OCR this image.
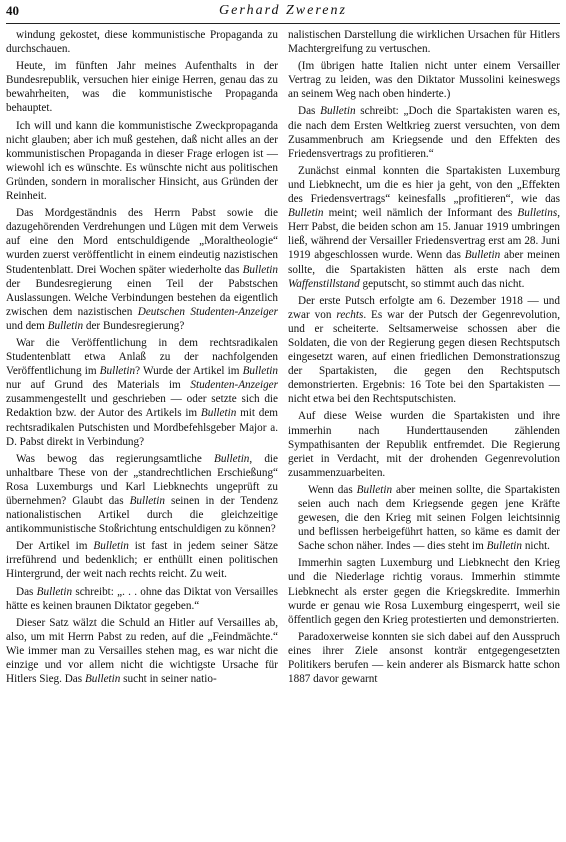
40	Gerhard Zwerenz

windung gekostet, diese kommunistische Propaganda zu durchschauen.

Heute, im fünften Jahr meines Aufenthalts in der Bundesrepublik, versuchen hier einige Herren, genau das zu bewahrheiten, was die kommunistische Propaganda behauptet.

Ich will und kann die kommunistische Zweckpropaganda nicht glauben; aber ich muß gestehen, daß nicht alles an der kommunistischen Propaganda in dieser Frage erlogen ist — wiewohl ich es wünschte. Es wünschte nicht aus politischen Gründen, sondern in moralischer Hinsicht, aus Gründen der Reinheit.

Das Mordgeständnis des Herrn Pabst sowie die dazugehörenden Verdrehungen und Lügen mit dem Verweis auf eine den Mord entschuldigende „Moraltheologie“ wurden zuerst veröffentlicht in einem eindeutig nazistischen Studentenblatt. Drei Wochen später wiederholte das Bulletin der Bundesregierung einen Teil der Pabstschen Auslassungen. Welche Verbindungen bestehen da eigentlich zwischen dem nazistischen Deutschen Studenten-Anzeiger und dem Bulletin der Bundesregierung?

War die Veröffentlichung in dem rechtsradikalen Studentenblatt etwa Anlaß zu der nachfolgenden Veröffentlichung im Bulletin? Wurde der Artikel im Bulletin nur auf Grund des Materials im Studenten-Anzeiger zusammengestellt und geschrieben — oder setzte sich die Redaktion bzw. der Autor des Artikels im Bulletin mit dem rechtsradikalen Putschisten und Mordbefehlsgeber Major a. D. Pabst direkt in Verbindung?

Was bewog das regierungsamtliche Bulletin, die unhaltbare These von der „standrechtlichen Erschießung“ Rosa Luxemburgs und Karl Liebknechts ungeprüft zu übernehmen? Glaubt das Bulletin seinen in der Tendenz nationalistischen Artikel durch die gleichzeitige antikommunistische Stoßrichtung entschuldigen zu können?

Der Artikel im Bulletin ist fast in jedem seiner Sätze irreführend und bedenklich; er enthüllt einen politischen Hintergrund, der weit nach rechts reicht. Zu weit.

Das Bulletin schreibt: „. . . ohne das Diktat von Versailles hätte es keinen braunen Diktator gegeben.“

Dieser Satz wälzt die Schuld an Hitler auf Versailles ab, also, um mit Herrn Pabst zu reden, auf die „Feindmächte.“ Wie immer man zu Versailles stehen mag, es war nicht die einzige und vor allem nicht die wichtigste Ursache für Hitlers Sieg. Das Bulletin sucht in seiner natio-

nalistischen Darstellung die wirklichen Ursachen für Hitlers Machtergreifung zu vertuschen.

(Im übrigen hatte Italien nicht unter einem Versailler Vertrag zu leiden, was den Diktator Mussolini keineswegs an seinem Weg nach oben hinderte.)

Das Bulletin schreibt: „Doch die Spartakisten waren es, die nach dem Ersten Weltkrieg zuerst versuchten, von dem Zusammenbruch am Kriegsende und den Effekten des Friedensvertrags zu profitieren.“

Zunächst einmal konnten die Spartakisten Luxemburg und Liebknecht, um die es hier ja geht, von den „Effekten des Friedensvertrags“ keinesfalls „profitieren“, wie das Bulletin meint; weil nämlich der Informant des Bulletins, Herr Pabst, die beiden schon am 15. Januar 1919 umbringen ließ, während der Versailler Friedensvertrag erst am 28. Juni 1919 abgeschlossen wurde. Wenn das Bulletin aber meinen sollte, die Spartakisten hätten als erste nach dem Waffenstillstand geputscht, so stimmt auch das nicht.

Der erste Putsch erfolgte am 6. Dezember 1918 — und zwar von rechts. Es war der Putsch der Gegenrevolution, und er scheiterte. Seltsamerweise schossen aber die Soldaten, die von der Regierung gegen diesen Rechtsputsch eingesetzt waren, auf einen friedlichen Demonstrationszug der Spartakisten, die gegen den Rechtsputsch demonstrierten. Ergebnis: 16 Tote bei den Spartakisten — nicht etwa bei den Rechtsputschisten.

Auf diese Weise wurden die Spartakisten und ihre immerhin nach Hunderttausenden zählenden Sympathisanten der Republik entfremdet. Die Regierung geriet in Verdacht, mit der drohenden Gegenrevolution zusammenzuarbeiten.

Wenn das Bulletin aber meinen sollte, die Spartakisten seien auch nach dem Kriegsende gegen jene Kräfte gewesen, die den Krieg mit seinen Folgen leichtsinnig und beflissen herbeigeführt hatten, so käme es damit der Sache schon näher. Indes — dies steht im Bulletin nicht.

Immerhin sagten Luxemburg und Liebknecht den Krieg und die Niederlage richtig voraus. Immerhin stimmte Liebknecht als erster gegen die Kriegskredite. Immerhin wurde er genau wie Rosa Luxemburg eingesperrt, weil sie öffentlich gegen den Krieg protestierten und demonstrierten.

Paradoxerweise konnten sie sich dabei auf den Ausspruch eines ihrer Ziele ansonst konträr entgegengesetzten Politikers berufen — kein anderer als Bismarck hatte schon 1887 davor gewarnt
